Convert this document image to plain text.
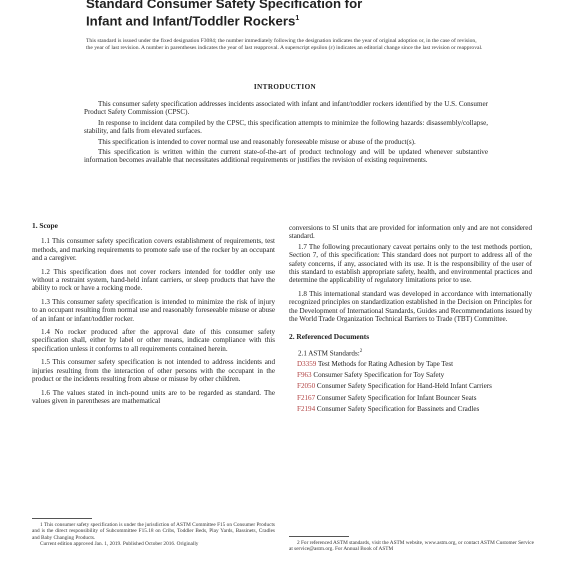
Standard Consumer Safety Specification for
Infant and Infant/Toddler Rockers$^1$
This standard is issued under the fixed designation F3084; the number immediately following the designation indicates the year of original adoption or, in the case of revision, the year of last revision. A number in parentheses indicates the year of last reapproval. A superscript epsilon (ε) indicates an editorial change since the last revision or reapproval.
INTRODUCTION

This consumer safety specification addresses incidents associated with infant and infant/toddler rockers identified by the U.S. Consumer Product Safety Commission (CPSC).

In response to incident data compiled by the CPSC, this specification attempts to minimize the following hazards: disassembly/collapse, stability, and falls from elevated surfaces.

This specification is intended to cover normal use and reasonably foreseeable misuse or abuse of the product(s).

This specification is written within the current state-of-the-art of product technology and will be updated whenever substantive information becomes available that necessitates additional requirements or justifies the revision of existing requirements.

1. Scope

1.1 This consumer safety specification covers establishment of requirements, test methods, and marking requirements to promote safe use of the rocker by an occupant and a caregiver.

1.2 This specification does not cover rockers intended for toddler only use without a restraint system, hand-held infant carriers, or sleep products that have the ability to rock or have a rocking mode.

1.3 This consumer safety specification is intended to minimize the risk of injury to an occupant resulting from normal use and reasonably foreseeable misuse or abuse of an infant or infant/toddler rocker.

1.4 No rocker produced after the approval date of this consumer safety specification shall, either by label or other means, indicate compliance with this specification unless it conforms to all requirements contained herein.

1.5 This consumer safety specification is not intended to address incidents and injuries resulting from the interaction of other persons with the occupant in the product or the incidents resulting from abuse or misuse by other children.

1.6 The values stated in inch-pound units are to be regarded as standard. The values given in parentheses are mathematical

1 This consumer safety specification is under the jurisdiction of ASTM Committee F15 on Consumer Products and is the direct responsibility of Subcommittee F15.18 on Cribs, Toddler Beds, Play Yards, Bassinets, Cradles and Baby Changing Products.

Current edition approved Jan. 1, 2019. Published October 2016. Originally

conversions to SI units that are provided for information only and are not considered standard.

1.7 The following precautionary caveat pertains only to the test methods portion, Section 7, of this specification: This standard does not purport to address all of the safety concerns, if any, associated with its use. It is the responsibility of the user of this standard to establish appropriate safety, health, and environmental practices and determine the applicability of regulatory limitations prior to use.

1.8 This international standard was developed in accordance with internationally recognized principles on standardization established in the Decision on Principles for the Development of International Standards, Guides and Recommendations issued by the World Trade Organization Technical Barriers to Trade (TBT) Committee.

2. Referenced Documents
2.1 ASTM Standards:$^2$
D3359 Test Methods for Rating Adhesion by Tape Test
F963 Consumer Safety Specification for Toy Safety
F2050 Consumer Safety Specification for Hand-Held Infant Carriers
F2167 Consumer Safety Specification for Infant Bouncer Seats
F2194 Consumer Safety Specification for Bassinets and Cradles

2 For referenced ASTM standards, visit the ASTM website, www.astm.org, or contact ASTM Customer Service at service@astm.org. For Annual Book of ASTM
